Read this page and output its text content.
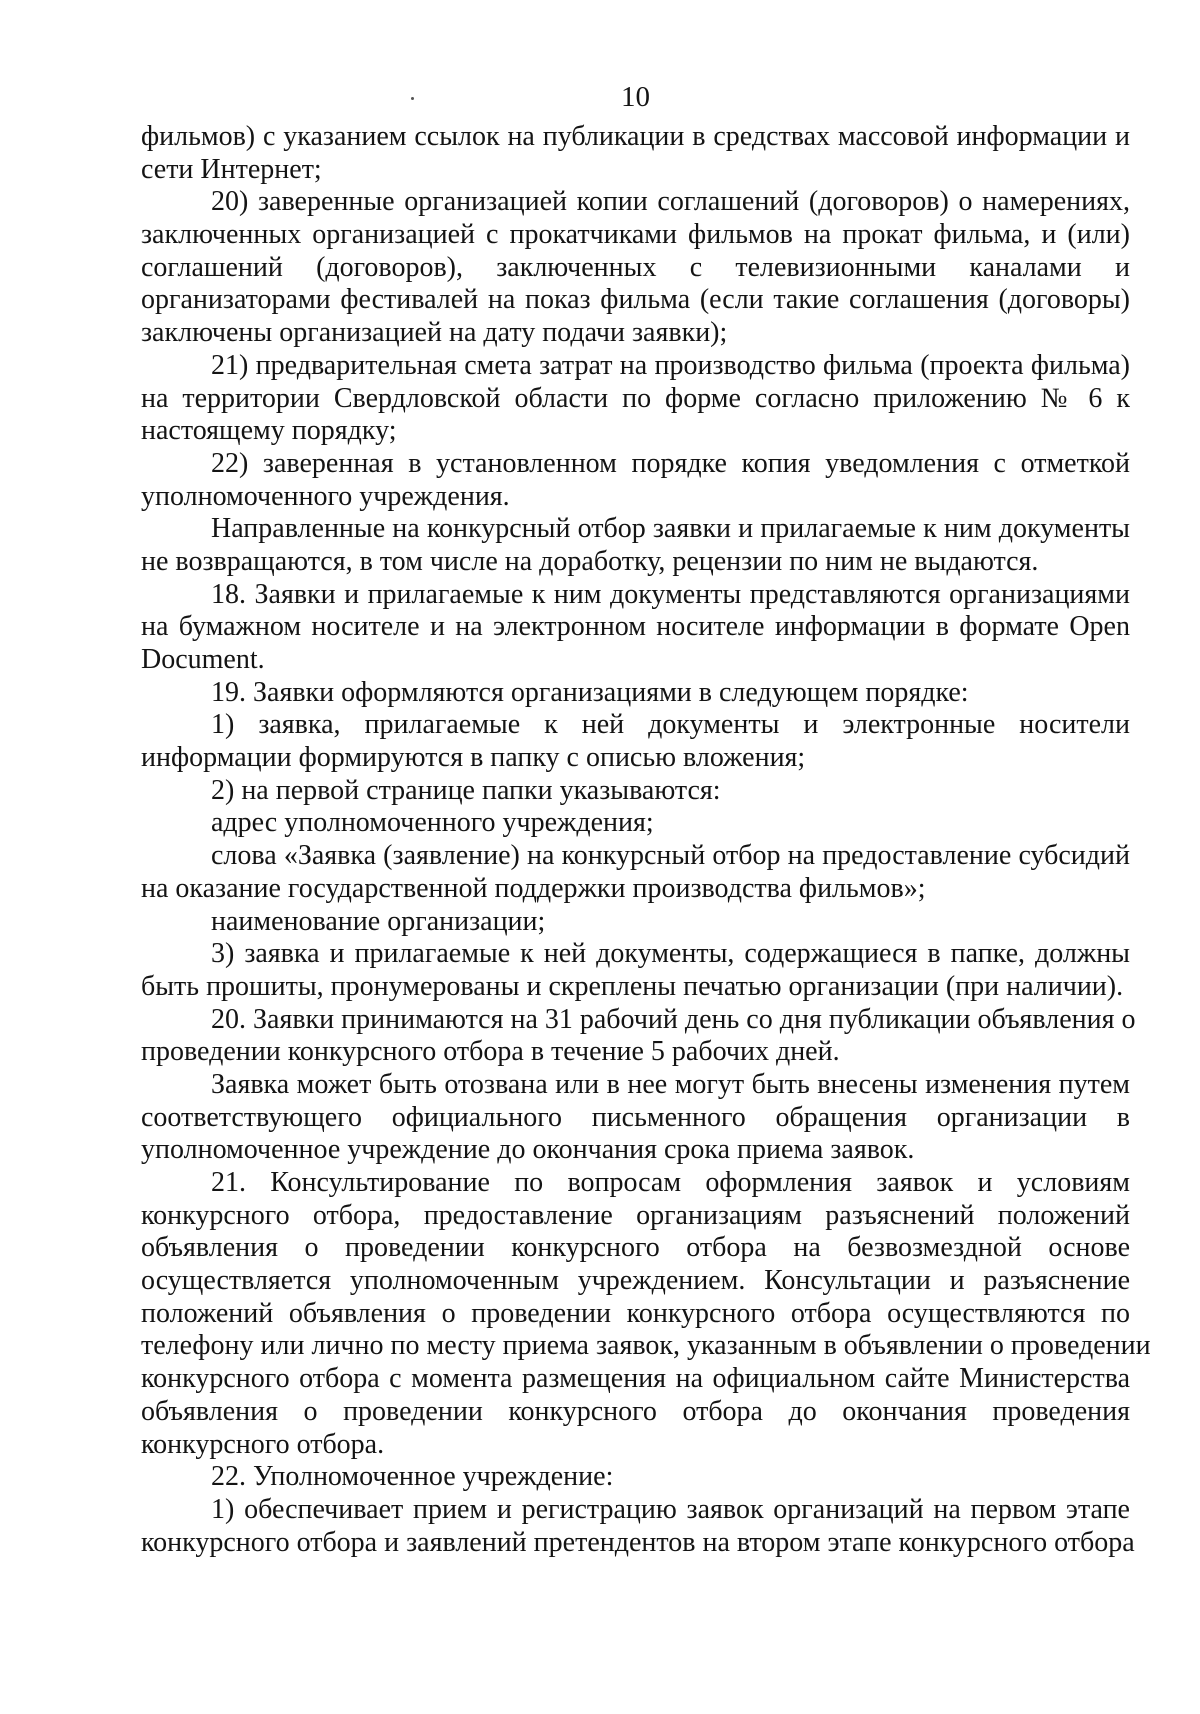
10
фильмов) с указанием ссылок на публикации в средствах массовой информации и
сети Интернет;
20) заверенные организацией копии соглашений (договоров) о намерениях,
заключенных организацией с прокатчиками фильмов на прокат фильма, и (или)
соглашений (договоров), заключенных с телевизионными каналами и
организаторами фестивалей на показ фильма (если такие соглашения (договоры)
заключены организацией на дату подачи заявки);
21) предварительная смета затрат на производство фильма (проекта фильма)
на территории Свердловской области по форме согласно приложению № 6 к
настоящему порядку;
22) заверенная в установленном порядке копия уведомления с отметкой
уполномоченного учреждения.
Направленные на конкурсный отбор заявки и прилагаемые к ним документы
не возвращаются, в том числе на доработку, рецензии по ним не выдаются.
18. Заявки и прилагаемые к ним документы представляются организациями
на бумажном носителе и на электронном носителе информации в формате Open
Document.
19. Заявки оформляются организациями в следующем порядке:
1) заявка, прилагаемые к ней документы и электронные носители
информации формируются в папку с описью вложения;
2) на первой странице папки указываются:
адрес уполномоченного учреждения;
слова «Заявка (заявление) на конкурсный отбор на предоставление субсидий
на оказание государственной поддержки производства фильмов»;
наименование организации;
3) заявка и прилагаемые к ней документы, содержащиеся в папке, должны
быть прошиты, пронумерованы и скреплены печатью организации (при наличии).
20. Заявки принимаются на 31 рабочий день со дня публикации объявления о
проведении конкурсного отбора в течение 5 рабочих дней.
Заявка может быть отозвана или в нее могут быть внесены изменения путем
соответствующего официального письменного обращения организации в
уполномоченное учреждение до окончания срока приема заявок.
21. Консультирование по вопросам оформления заявок и условиям
конкурсного отбора, предоставление организациям разъяснений положений
объявления о проведении конкурсного отбора на безвозмездной основе
осуществляется уполномоченным учреждением. Консультации и разъяснение
положений объявления о проведении конкурсного отбора осуществляются по
телефону или лично по месту приема заявок, указанным в объявлении о проведении
конкурсного отбора с момента размещения на официальном сайте Министерства
объявления о проведении конкурсного отбора до окончания проведения
конкурсного отбора.
22. Уполномоченное учреждение:
1) обеспечивает прием и регистрацию заявок организаций на первом этапе
конкурсного отбора и заявлений претендентов на втором этапе конкурсного отбора
